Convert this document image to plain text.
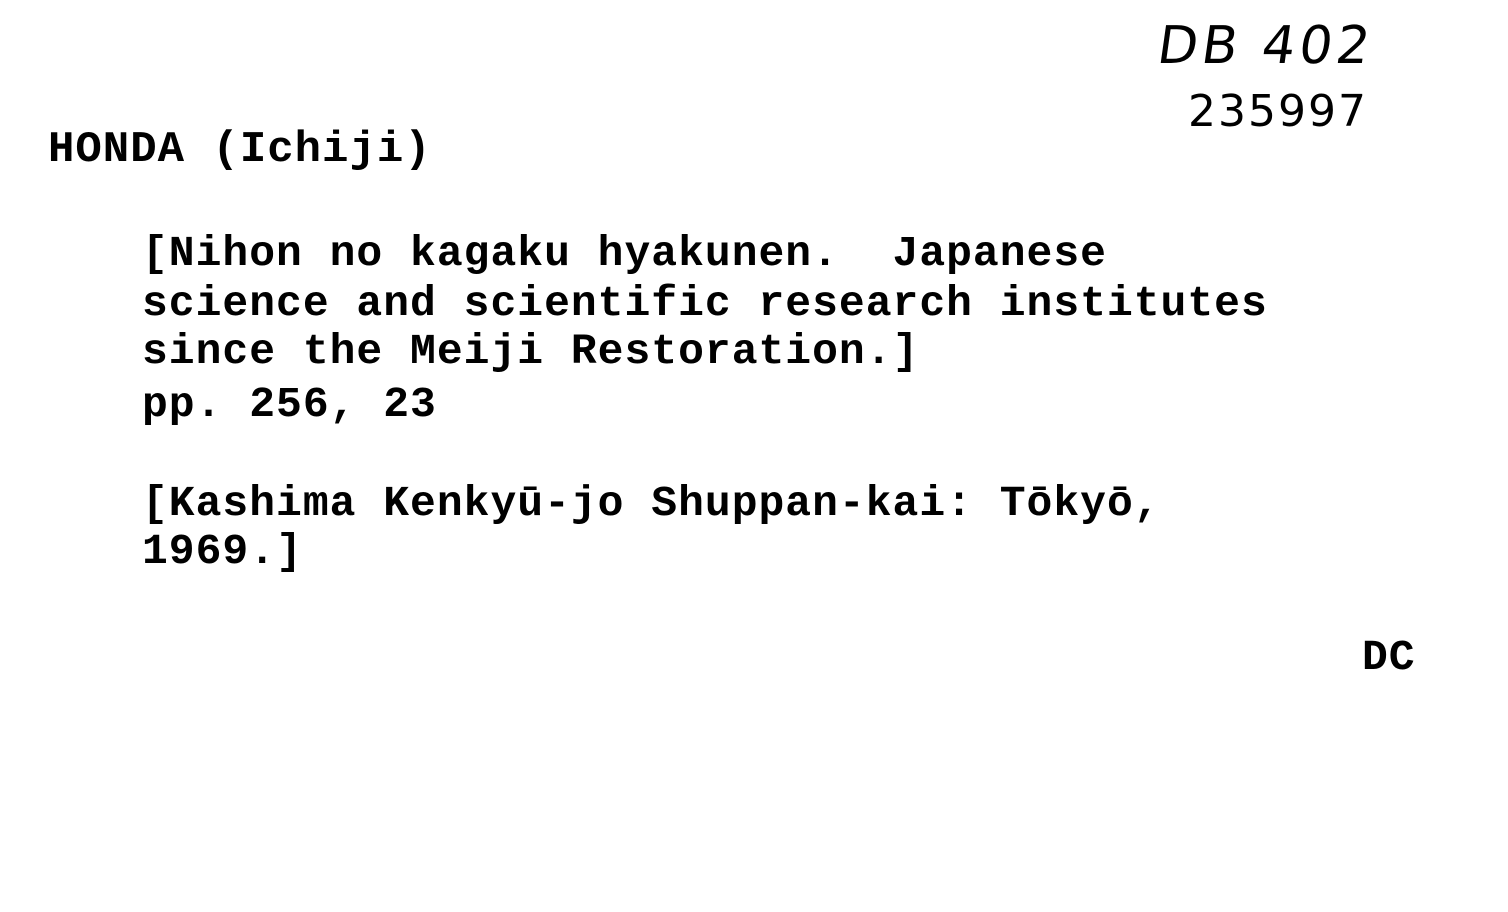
DB 402
235997
HONDA (Ichiji)
[Nihon no kagaku hyakunen.  Japanese
science and scientific research institutes
since the Meiji Restoration.]
pp. 256, 23
[Kashima Kenkyū-jo Shuppan-kai: Tōkyō,
1969.]
DC
